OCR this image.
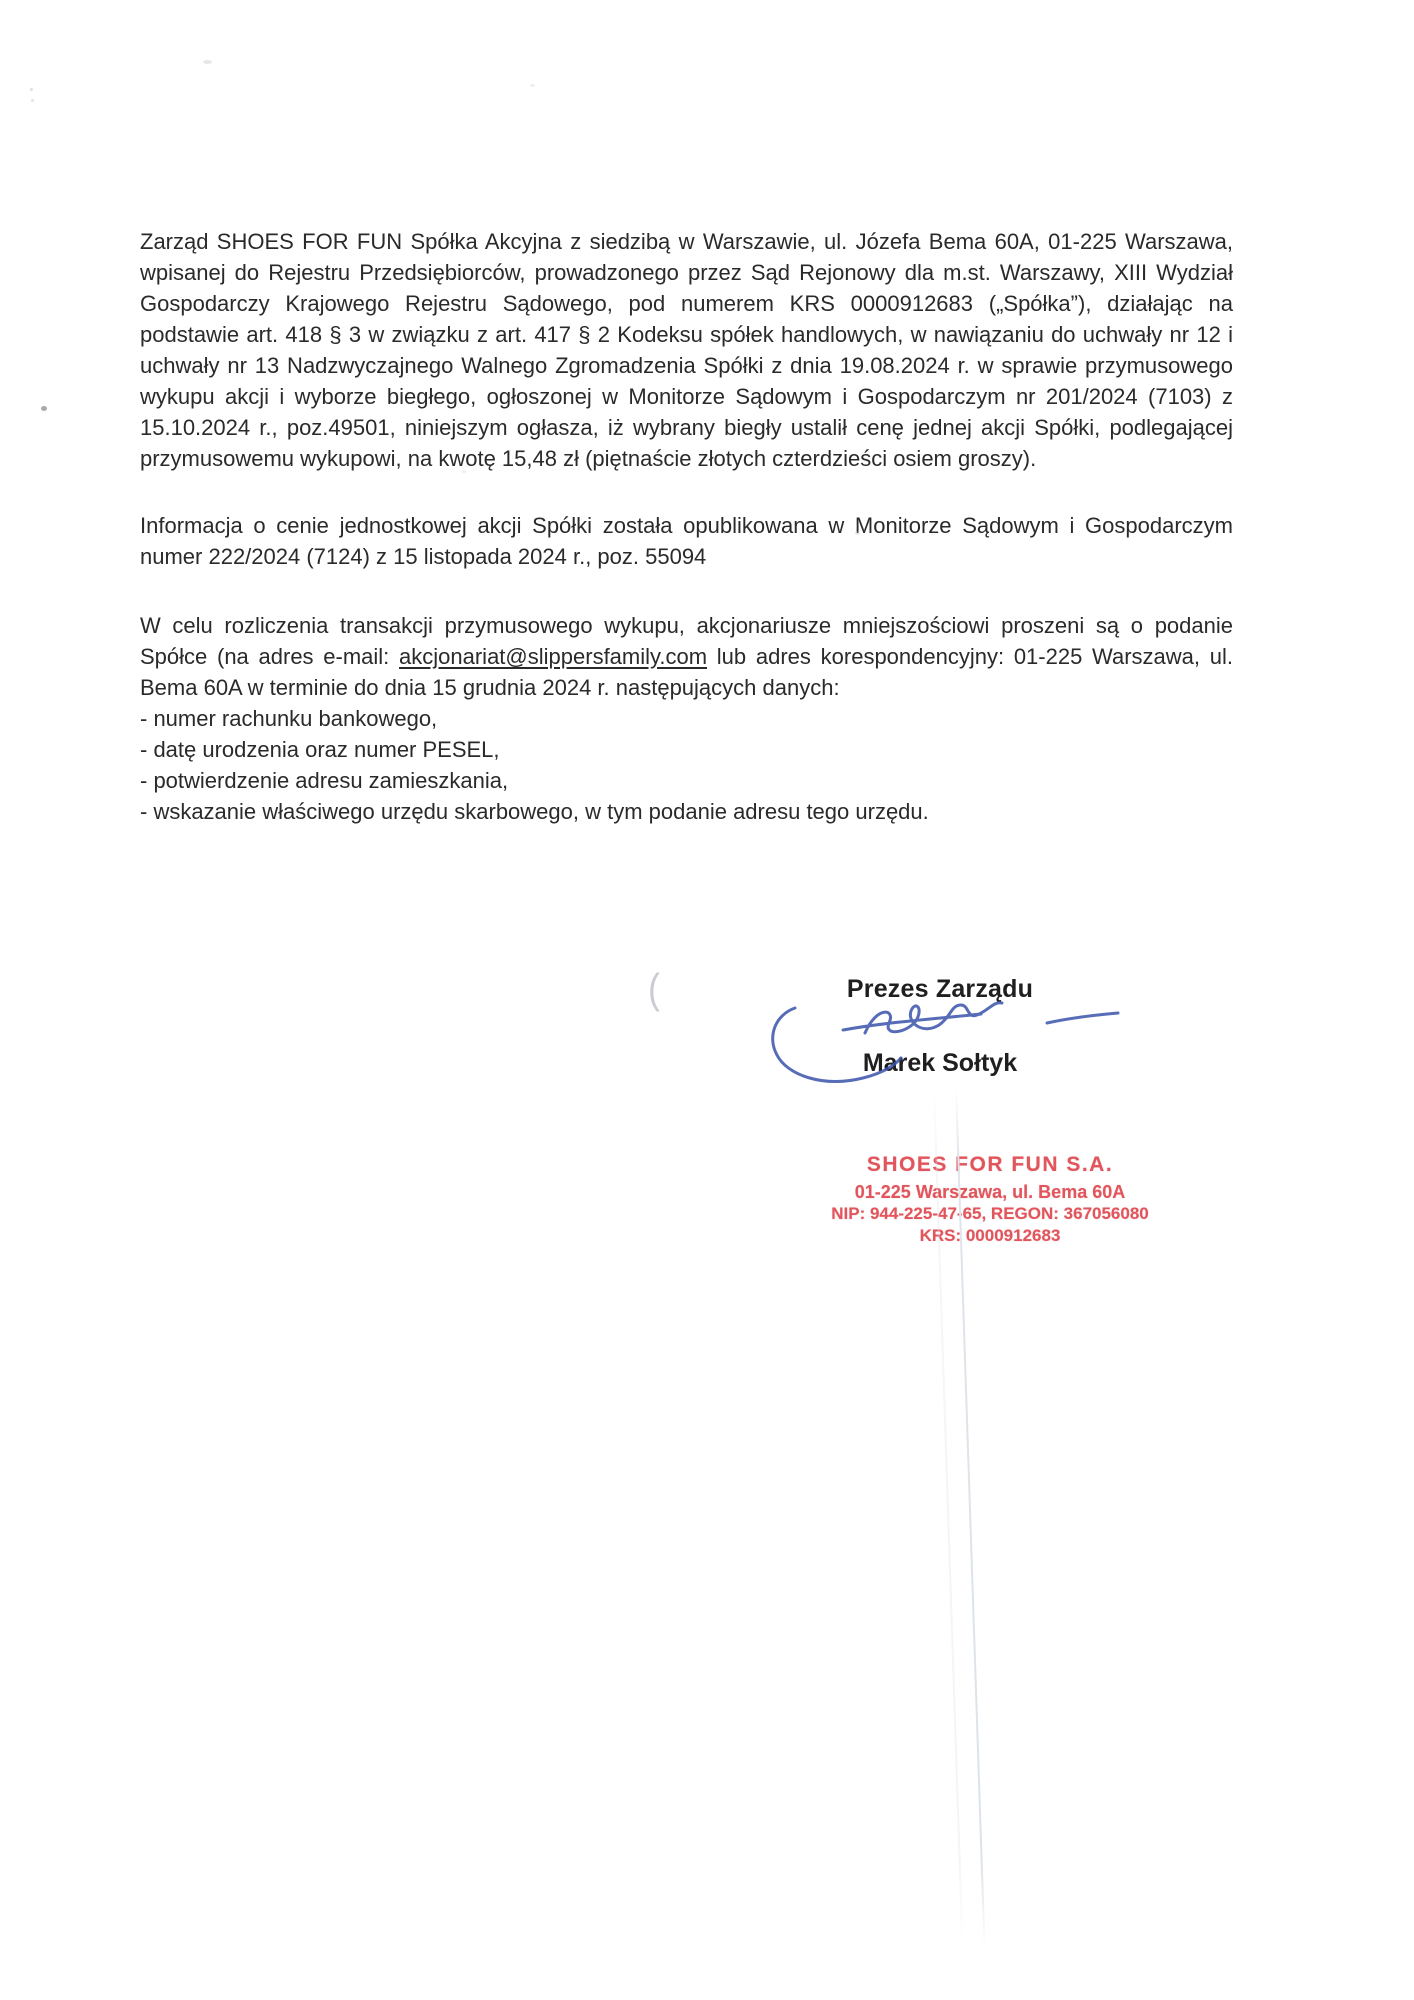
Zarząd SHOES FOR FUN Spółka Akcyjna z siedzibą w Warszawie, ul. Józefa Bema 60A, 01-225 Warszawa, wpisanej do Rejestru Przedsiębiorców, prowadzonego przez Sąd Rejonowy dla m.st. Warszawy, XIII Wydział Gospodarczy Krajowego Rejestru Sądowego, pod numerem KRS 0000912683 („Spółka”), działając na podstawie art. 418 § 3 w związku z art. 417 § 2 Kodeksu spółek handlowych, w nawiązaniu do uchwały nr 12 i uchwały nr 13 Nadzwyczajnego Walnego Zgromadzenia Spółki z dnia 19.08.2024 r. w sprawie przymusowego wykupu akcji i wyborze biegłego, ogłoszonej w Monitorze Sądowym i Gospodarczym nr 201/2024 (7103) z 15.10.2024 r., poz.49501, niniejszym ogłasza, iż wybrany biegły ustalił cenę jednej akcji Spółki, podlegającej przymusowemu wykupowi, na kwotę 15,48 zł (piętnaście złotych czterdzieści osiem groszy).

Informacja o cenie jednostkowej akcji Spółki została opublikowana w Monitorze Sądowym i Gospodarczym numer 222/2024 (7124) z 15 listopada 2024 r., poz. 55094

W celu rozliczenia transakcji przymusowego wykupu, akcjonariusze mniejszościowi proszeni są o podanie Spółce (na adres e-mail: akcjonariat@slippersfamily.com lub adres korespondencyjny: 01-225 Warszawa, ul. Bema 60A w terminie do dnia 15 grudnia 2024 r. następujących danych:

- numer rachunku bankowego,
- datę urodzenia oraz numer PESEL,
- potwierdzenie adresu zamieszkania,
- wskazanie właściwego urzędu skarbowego, w tym podanie adresu tego urzędu.
(	Prezes Zarządu
Marek Sołtyk
SHOES FOR FUN S.A.
01-225 Warszawa, ul. Bema 60A
NIP: 944-225-47-65, REGON: 367056080
KRS: 0000912683
